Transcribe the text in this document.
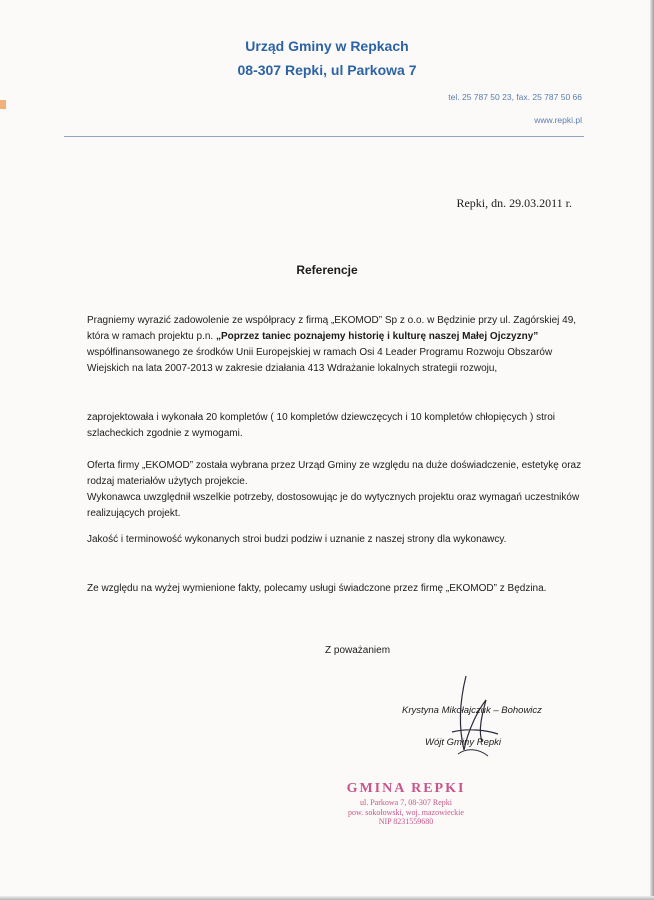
Urząd Gminy w Repkach
08-307 Repki, ul Parkowa 7
tel. 25 787 50 23, fax. 25 787 50 66
www.repki.pl
Repki, dn. 29.03.2011 r.
Referencje
Pragniemy wyrazić zadowolenie ze współpracy z firmą „EKOMOD” Sp z o.o. w Będzinie przy ul. Zagórskiej 49, która w ramach projektu p.n. „Poprzez taniec poznajemy historię i kulturę naszej Małej Ojczyzny” współfinansowanego ze środków Unii Europejskiej w ramach Osi 4 Leader Programu Rozwoju Obszarów Wiejskich na lata 2007-2013 w zakresie działania 413 Wdrażanie lokalnych strategii rozwoju,
zaprojektowała i wykonała 20 kompletów ( 10 kompletów dziewczęcych i 10 kompletów chłopięcych ) stroi szlacheckich zgodnie z wymogami.
Oferta firmy „EKOMOD” została wybrana przez Urząd Gminy ze względu na duże doświadczenie, estetykę oraz rodzaj materiałów użytych projekcie.
Wykonawca uwzględnił wszelkie potrzeby, dostosowując je do wytycznych projektu oraz wymagań uczestników realizujących projekt.
Jakość i terminowość wykonanych stroi budzi podziw i uznanie z naszej strony dla wykonawcy.
Ze względu na wyżej wymienione fakty, polecamy usługi świadczone przez firmę „EKOMOD” z Będzina.
Z poważaniem
Krystyna Mikołajczuk – Bohowicz
Wójt Gminy Repki
GMINA REPKI
ul. Parkowa 7, 08-307 Repki
pow. sokołowski, woj. mazowieckie
NIP 8231559680
